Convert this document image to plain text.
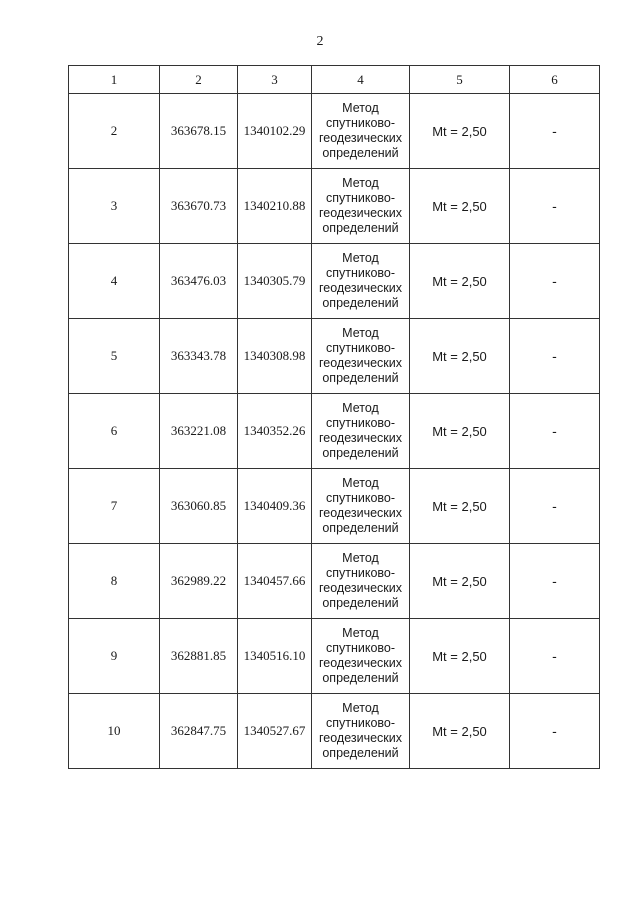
2
1	2	3	4	5	6
2	363678.15	1340102.29	Метод
спутниково-
геодезических
определений	Mt = 2,50	-
3	363670.73	1340210.88	Метод
спутниково-
геодезических
определений	Mt = 2,50	-
4	363476.03	1340305.79	Метод
спутниково-
геодезических
определений	Mt = 2,50	-
5	363343.78	1340308.98	Метод
спутниково-
геодезических
определений	Mt = 2,50	-
6	363221.08	1340352.26	Метод
спутниково-
геодезических
определений	Mt = 2,50	-
7	363060.85	1340409.36	Метод
спутниково-
геодезических
определений	Mt = 2,50	-
8	362989.22	1340457.66	Метод
спутниково-
геодезических
определений	Mt = 2,50	-
9	362881.85	1340516.10	Метод
спутниково-
геодезических
определений	Mt = 2,50	-
10	362847.75	1340527.67	Метод
спутниково-
геодезических
определений	Mt = 2,50	-
